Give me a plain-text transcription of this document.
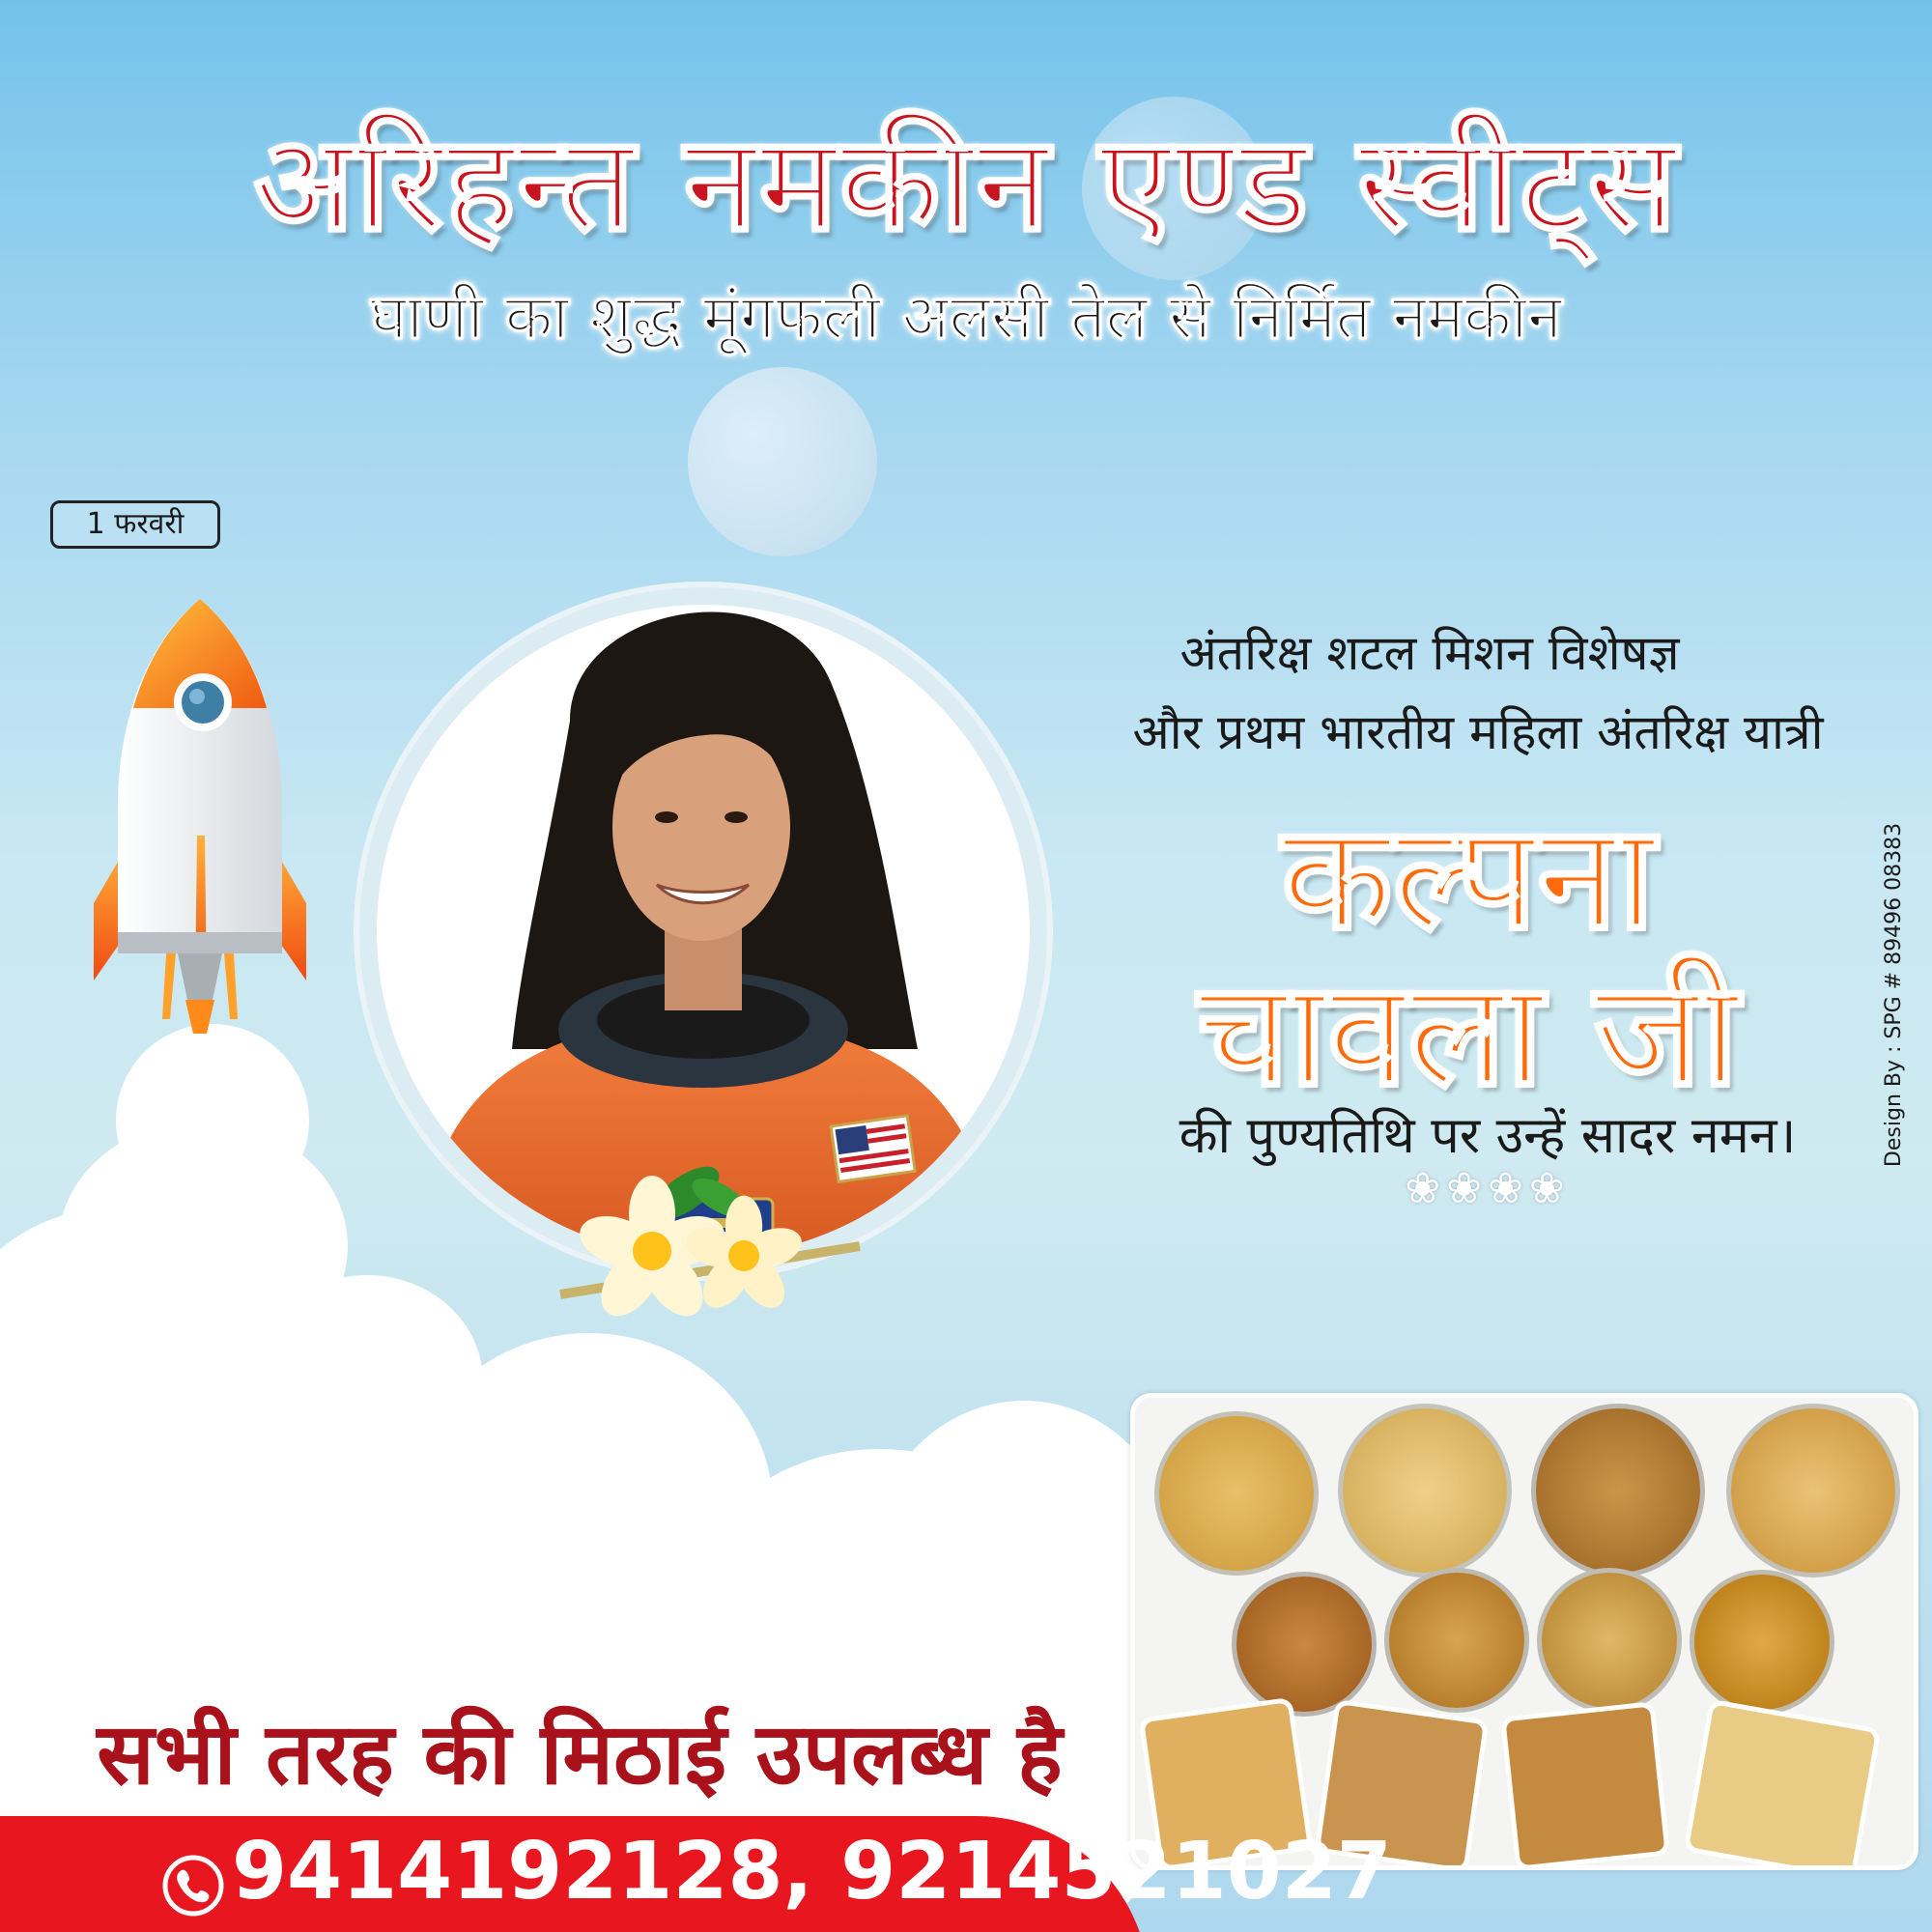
अरिहन्त नमकीन एण्ड स्वीट्स
घाणी का शुद्ध मूंगफली अलसी तेल से निर्मित नमकीन
1 फरवरी
अंतरिक्ष शटल मिशन विशेषज्ञ
और प्रथम भारतीय महिला अंतरिक्ष यात्री
कल्पना
चावला जी
की पुण्यतिथि पर उन्हें सादर नमन।
❀❀❀❀
Design By : SPG # 89496 08383
सभी तरह की मिठाई उपलब्ध है
9414192128, 9214521027
